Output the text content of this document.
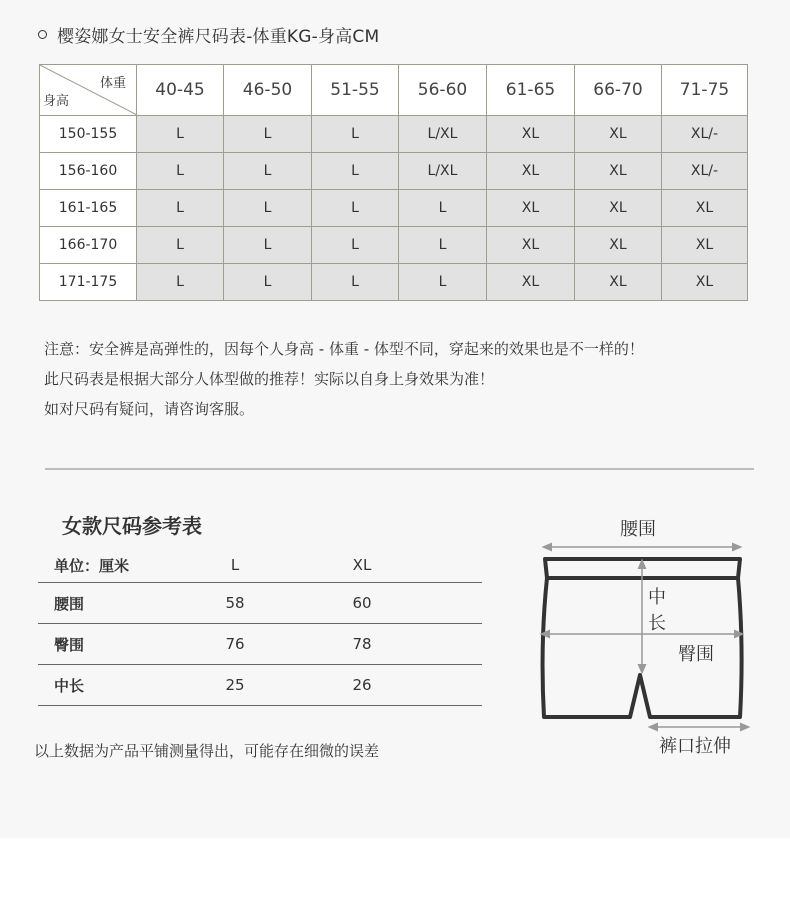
樱姿娜女士安全裤尺码表-体重KG-身高CM
体重
身高	40-45	46-50	51-55	56-60	61-65	66-70	71-75
150-155	L	L	L	L/XL	XL	XL	XL/-
156-160	L	L	L	L/XL	XL	XL	XL/-
161-165	L	L	L	L	XL	XL	XL
166-170	L	L	L	L	XL	XL	XL
171-175	L	L	L	L	XL	XL	XL
注意：安全裤是高弹性的，因每个人身高 - 体重 - 体型不同，穿起来的效果也是不一样的！
此尺码表是根据大部分人体型做的推荐！实际以自身上身效果为准！
如对尺码有疑问，请咨询客服。
女款尺码参考表
单位：厘米	L	XL
腰围	58	60
臀围	76	78
中长	25	26
以上数据为产品平铺测量得出，可能存在细微的误差
腰围
中
长
臀围
裤口拉伸
